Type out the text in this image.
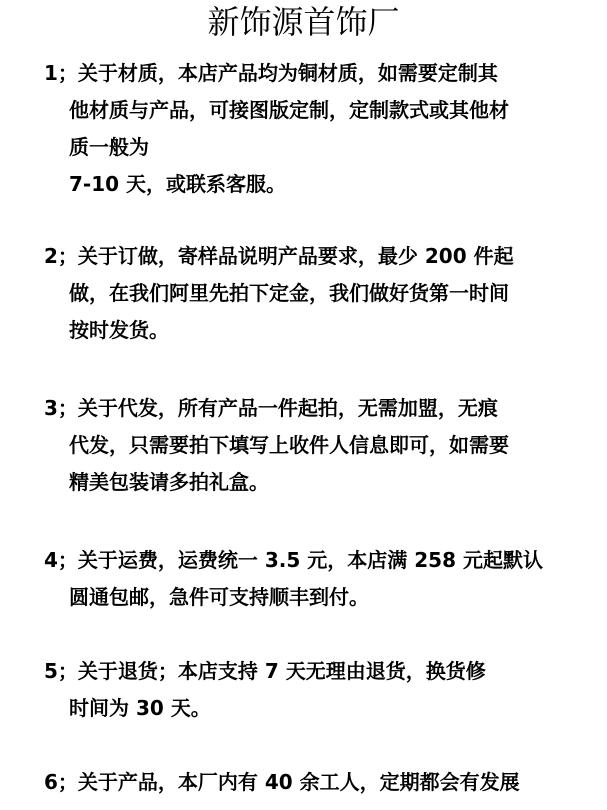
新饰源首饰厂
1；关于材质，本店产品均为铜材质，如需要定制其
他材质与产品，可接图版定制，定制款式或其他材
质一般为
7-10 天，或联系客服。
2；关于订做，寄样品说明产品要求，最少 200 件起
做，在我们阿里先拍下定金，我们做好货第一时间
按时发货。
3；关于代发，所有产品一件起拍，无需加盟，无痕
代发，只需要拍下填写上收件人信息即可，如需要
精美包装请多拍礼盒。
4；关于运费，运费统一 3.5 元，本店满 258 元起默认
圆通包邮，急件可支持顺丰到付。
5；关于退货；本店支持 7 天无理由退货，换货修
时间为 30 天。
6；关于产品，本厂内有 40 余工人，定期都会有发展
